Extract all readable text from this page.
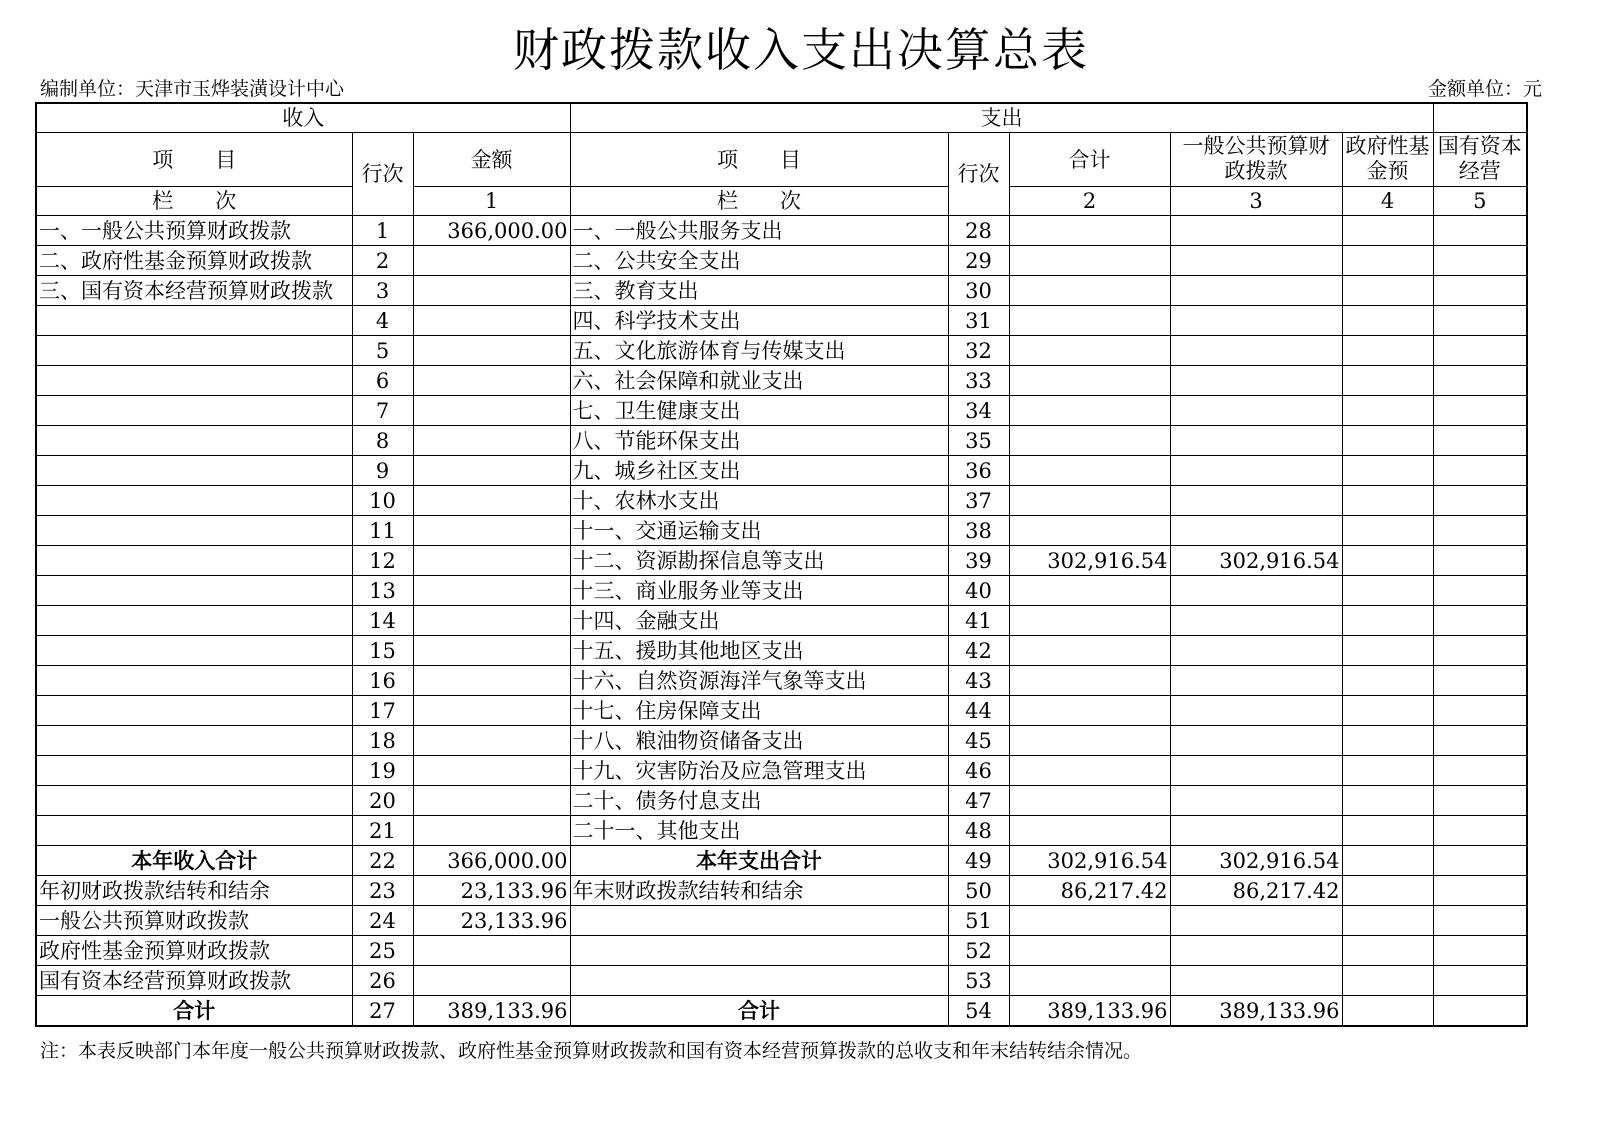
财政拨款收入支出决算总表
编制单位：天津市玉烨装潢设计中心	金额单位：元
收入			支出					
项　　目	行次	金额	项　　目	行次	合计	一般公共预算财政拨款	政府性基金预	国有资本经营
栏　　次		1	栏　　次		2	3	4	5
一、一般公共预算财政拨款	1	366,000.00	一、一般公共服务支出	28				
二、政府性基金预算财政拨款	2		二、公共安全支出	29				
三、国有资本经营预算财政拨款	3		三、教育支出	30				
	4		四、科学技术支出	31				
	5		五、文化旅游体育与传媒支出	32				
	6		六、社会保障和就业支出	33				
	7		七、卫生健康支出	34				
	8		八、节能环保支出	35				
	9		九、城乡社区支出	36				
	10		十、农林水支出	37				
	11		十一、交通运输支出	38				
	12		十二、资源勘探信息等支出	39	302,916.54	302,916.54		
	13		十三、商业服务业等支出	40				
	14		十四、金融支出	41				
	15		十五、援助其他地区支出	42				
	16		十六、自然资源海洋气象等支出	43				
	17		十七、住房保障支出	44				
	18		十八、粮油物资储备支出	45				
	19		十九、灾害防治及应急管理支出	46				
	20		二十、债务付息支出	47				
	21		二十一、其他支出	48				
本年收入合计	22	366,000.00	本年支出合计	49	302,916.54	302,916.54		
年初财政拨款结转和结余	23	23,133.96	年末财政拨款结转和结余	50	86,217.42	86,217.42		
一般公共预算财政拨款	24	23,133.96		51				
政府性基金预算财政拨款	25			52				
国有资本经营预算财政拨款	26			53				
合计	27	389,133.96	合计	54	389,133.96	389,133.96		
注：本表反映部门本年度一般公共预算财政拨款、政府性基金预算财政拨款和国有资本经营预算拨款的总收支和年末结转结余情况。
